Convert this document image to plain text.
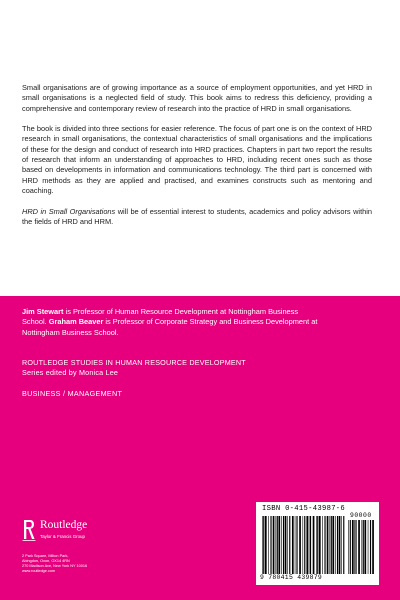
Small organisations are of growing importance as a source of employment opportunities, and yet HRD in small organisations is a neglected field of study. This book aims to redress this deficiency, providing a comprehensive and contemporary review of research into the practice of HRD in small organisations.

The book is divided into three sections for easier reference. The focus of part one is on the context of HRD research in small organisations, the contextual characteristics of small organisations and the implications of these for the design and conduct of research into HRD practices. Chapters in part two report the results of research that inform an understanding of approaches to HRD, including recent ones such as those based on developments in information and communications technology. The third part is concerned with HRD methods as they are applied and practised, and examines constructs such as mentoring and coaching.

HRD in Small Organisations will be of essential interest to students, academics and policy advisors within the fields of HRD and HRM.

Jim Stewart is Professor of Human Resource Development at Nottingham Business School. Graham Beaver is Professor of Corporate Strategy and Business Development at Nottingham Business School.
ROUTLEDGE STUDIES IN HUMAN RESOURCE DEVELOPMENT
Series edited by Monica Lee
BUSINESS / MANAGEMENT
Routledge
Taylor & Francis Group
2 Park Square, Milton Park,
Abingdon, Oxon, OX14 4RN
270 Madison Ave, New York NY 10016
www.routledge.com
ISBN 0-415-43987-6
90000
9 780415 439879
